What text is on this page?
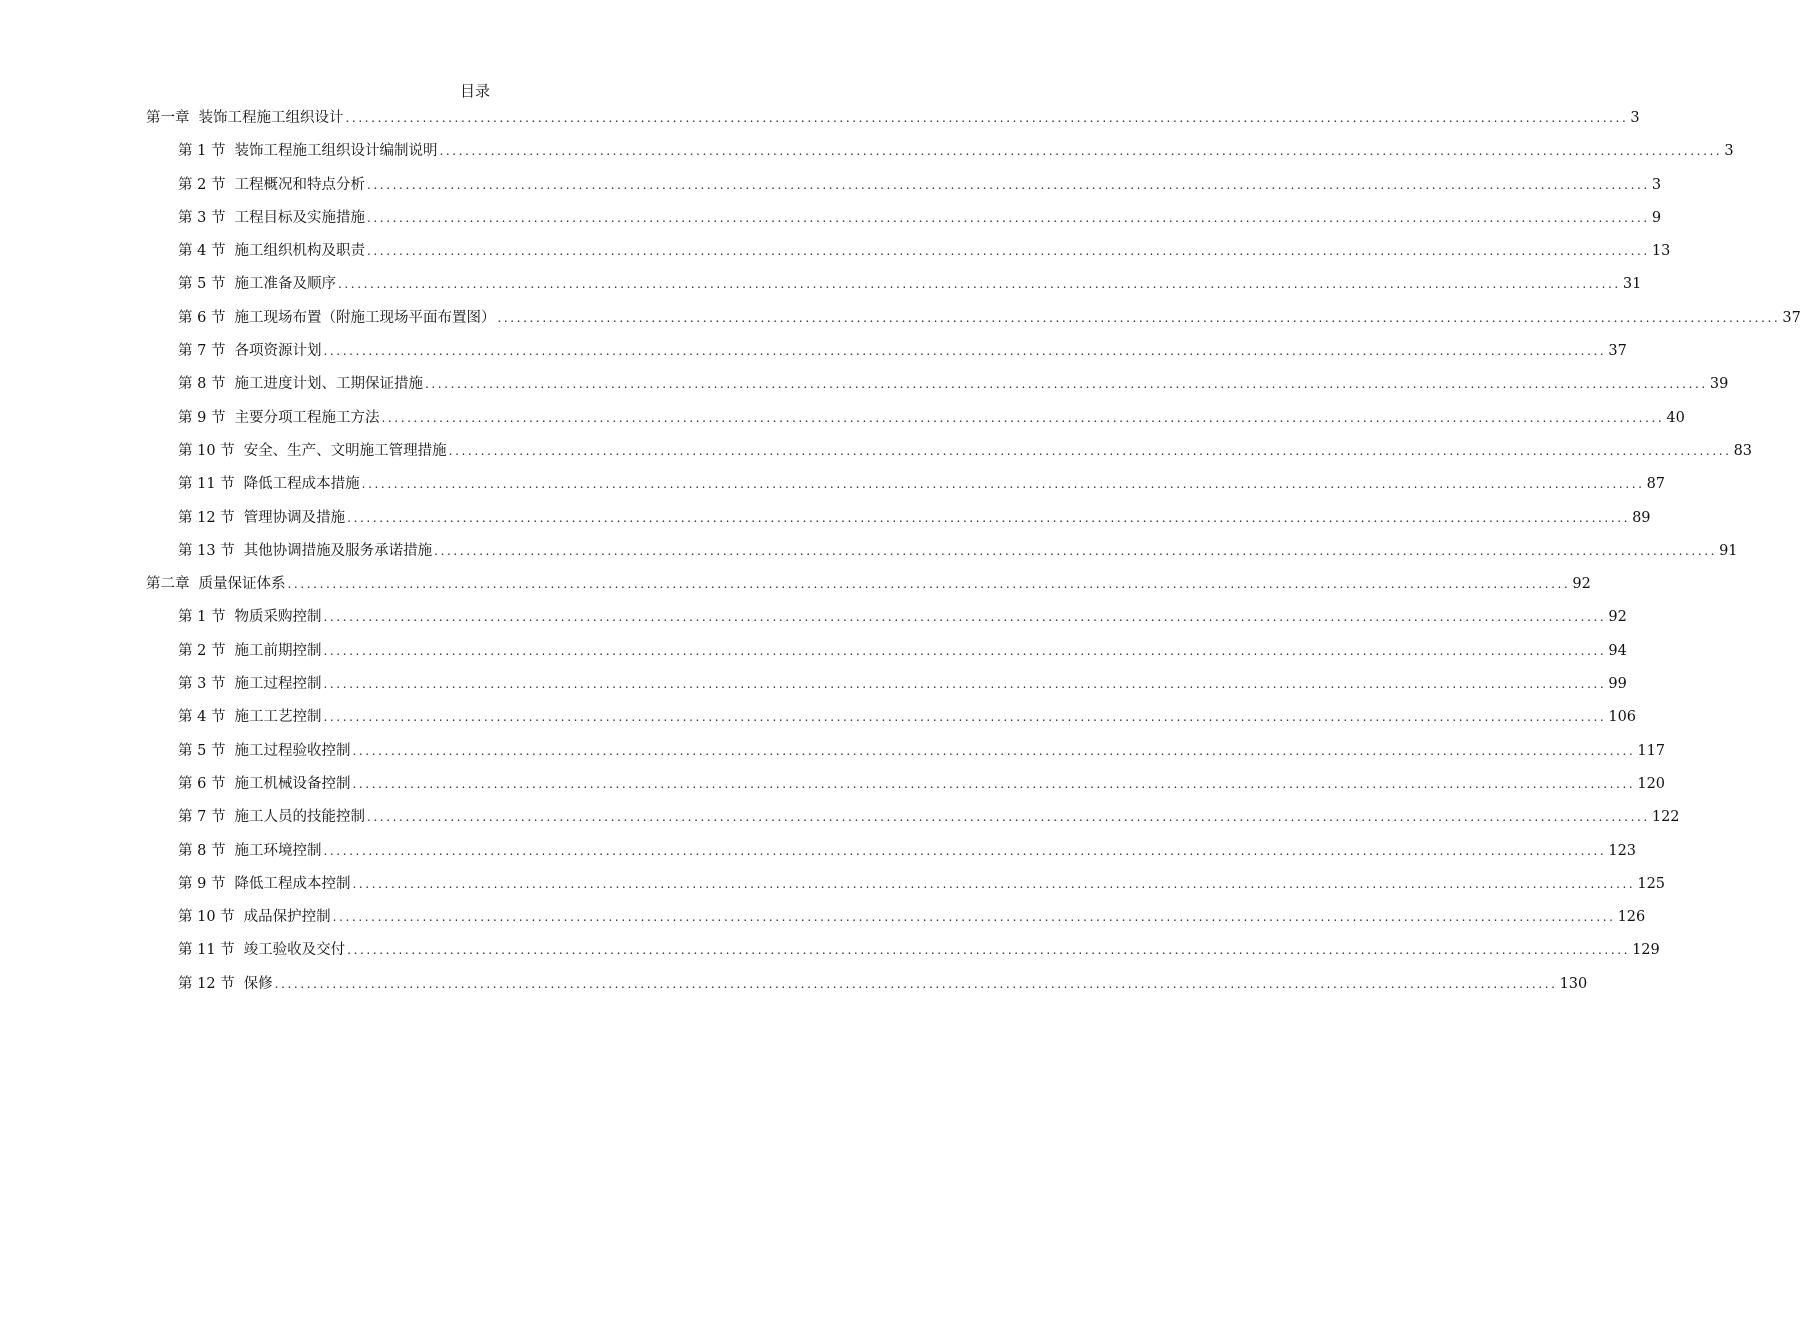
目录
第一章 装饰工程施工组织设计 ........................................................................................................................................................................................................ 3
第 1 节 装饰工程施工组织设计编制说明 ........................................................................................................................................................................................................ 3
第 2 节 工程概况和特点分析 ........................................................................................................................................................................................................ 3
第 3 节 工程目标及实施措施 ........................................................................................................................................................................................................ 9
第 4 节 施工组织机构及职责 ........................................................................................................................................................................................................ 13
第 5 节 施工准备及顺序 ........................................................................................................................................................................................................ 31
第 6 节 施工现场布置（附施工现场平面布置图） ........................................................................................................................................................................................................ 37
第 7 节 各项资源计划 ........................................................................................................................................................................................................ 37
第 8 节 施工进度计划、工期保证措施 ........................................................................................................................................................................................................ 39
第 9 节 主要分项工程施工方法 ........................................................................................................................................................................................................ 40
第 10 节 安全、生产、文明施工管理措施 ........................................................................................................................................................................................................ 83
第 11 节 降低工程成本措施 ........................................................................................................................................................................................................ 87
第 12 节 管理协调及措施 ........................................................................................................................................................................................................ 89
第 13 节 其他协调措施及服务承诺措施 ........................................................................................................................................................................................................ 91
第二章 质量保证体系 ........................................................................................................................................................................................................ 92
第 1 节 物质采购控制 ........................................................................................................................................................................................................ 92
第 2 节 施工前期控制 ........................................................................................................................................................................................................ 94
第 3 节 施工过程控制 ........................................................................................................................................................................................................ 99
第 4 节 施工工艺控制 ........................................................................................................................................................................................................ 106
第 5 节 施工过程验收控制 ........................................................................................................................................................................................................ 117
第 6 节 施工机械设备控制 ........................................................................................................................................................................................................ 120
第 7 节 施工人员的技能控制 ........................................................................................................................................................................................................ 122
第 8 节 施工环境控制 ........................................................................................................................................................................................................ 123
第 9 节 降低工程成本控制 ........................................................................................................................................................................................................ 125
第 10 节 成品保护控制 ........................................................................................................................................................................................................ 126
第 11 节 竣工验收及交付 ........................................................................................................................................................................................................ 129
第 12 节 保修 ........................................................................................................................................................................................................ 130
